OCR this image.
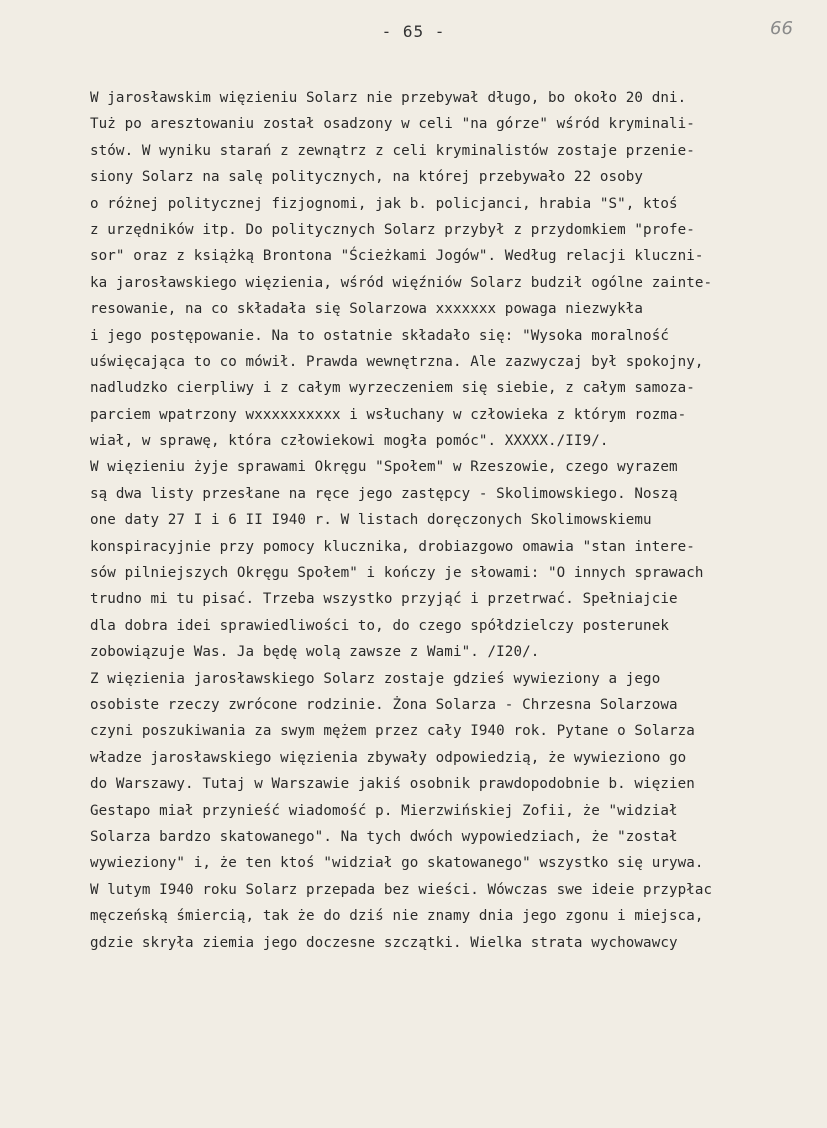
- 65 -	66
W jarosławskim więzieniu Solarz nie przebywał długo, bo około 20 dni.
Tuż po aresztowaniu został osadzony w celi "na górze" wśród kryminali-
stów. W wyniku starań z zewnątrz z celi kryminalistów zostaje przenie-
siony Solarz na salę politycznych, na której przebywało 22 osoby
o różnej politycznej fizjognomi, jak b. policjanci, hrabia "S", ktoś
z urzędników itp. Do politycznych Solarz przybył z przydomkiem "profe-
sor" oraz z książką Brontona "Ścieżkami Jogów". Według relacji kluczni-
ka jarosławskiego więzienia, wśród więźniów Solarz budził ogólne zainte-
resowanie, na co składała się Solarzowa xxxxxxx powaga niezwykła
i jego postępowanie. Na to ostatnie składało się: "Wysoka moralność
uświęcająca to co mówił. Prawda wewnętrzna. Ale zazwyczaj był spokojny,
nadludzko cierpliwy i z całym wyrzeczeniem się siebie, z całym samoza-
parciem wpatrzony wxxxxxxxxxx i wsłuchany w człowieka z którym rozma-
wiał, w sprawę, która człowiekowi mogła pomóc". XXXXX./II9/.
W więzieniu żyje sprawami Okręgu "Społem" w Rzeszowie, czego wyrazem
są dwa listy przesłane na ręce jego zastępcy - Skolimowskiego. Noszą
one daty 27 I i 6 II I940 r. W listach doręczonych Skolimowskiemu
konspiracyjnie przy pomocy klucznika, drobiazgowo omawia "stan intere-
sów pilniejszych Okręgu Społem" i kończy je słowami: "O innych sprawach
trudno mi tu pisać. Trzeba wszystko przyjąć i przetrwać. Spełniajcie
dla dobra idei sprawiedliwości to, do czego spółdzielczy posterunek
zobowiązuje Was. Ja będę wolą zawsze z Wami". /I20/.
Z więzienia jarosławskiego Solarz zostaje gdzieś wywieziony a jego
osobiste rzeczy zwrócone rodzinie. Żona Solarza - Chrzesna Solarzowa
czyni poszukiwania za swym mężem przez cały I940 rok. Pytane o Solarza
władze jarosławskiego więzienia zbywały odpowiedzią, że wywieziono go
do Warszawy. Tutaj w Warszawie jakiś osobnik prawdopodobnie b. więzien
Gestapo miał przynieść wiadomość p. Mierzwińskiej Zofii, że "widział
Solarza bardzo skatowanego". Na tych dwóch wypowiedziach, że "został
wywieziony" i, że ten ktoś "widział go skatowanego" wszystko się urywa.
W lutym I940 roku Solarz przepada bez wieści. Wówczas swe ideie przypłac
męczeńską śmiercią, tak że do dziś nie znamy dnia jego zgonu i miejsca,
gdzie skryła ziemia jego doczesne szczątki. Wielka strata wychowawcy
